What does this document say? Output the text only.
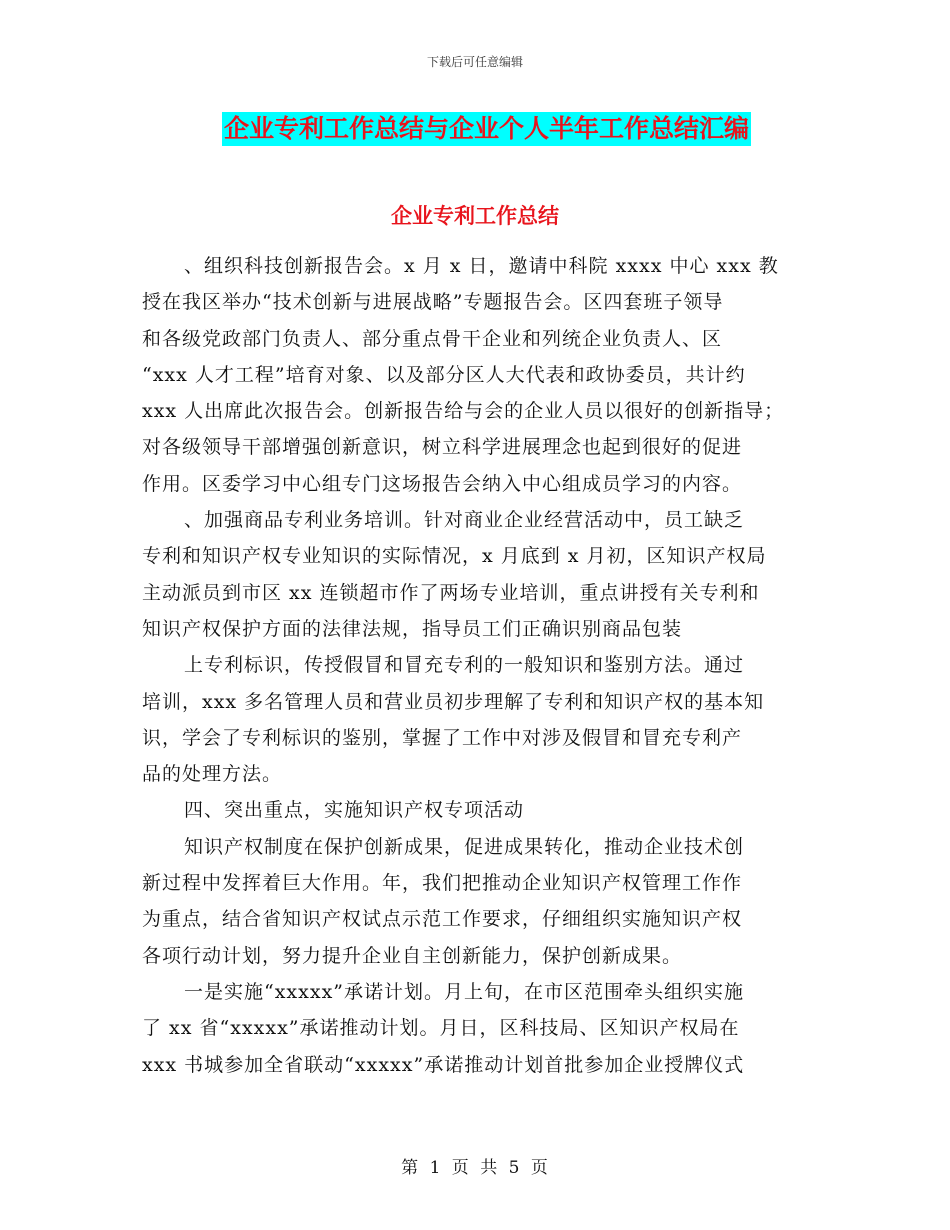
下载后可任意编辑
企业专利工作总结与企业个人半年工作总结汇编
企业专利工作总结
、组织科技创新报告会。x 月 x 日，邀请中科院 xxxx 中心 xxx 教
授在我区举办“技术创新与进展战略”专题报告会。区四套班子领导
和各级党政部门负责人、部分重点骨干企业和列统企业负责人、区
“xxx 人才工程”培育对象、以及部分区人大代表和政协委员，共计约
xxx 人出席此次报告会。创新报告给与会的企业人员以很好的创新指导；
对各级领导干部增强创新意识，树立科学进展理念也起到很好的促进
作用。区委学习中心组专门这场报告会纳入中心组成员学习的内容。
、加强商品专利业务培训。针对商业企业经营活动中，员工缺乏
专利和知识产权专业知识的实际情况，x 月底到 x 月初，区知识产权局
主动派员到市区 xx 连锁超市作了两场专业培训，重点讲授有关专利和
知识产权保护方面的法律法规，指导员工们正确识别商品包装
上专利标识，传授假冒和冒充专利的一般知识和鉴别方法。通过
培训，xxx 多名管理人员和营业员初步理解了专利和知识产权的基本知
识，学会了专利标识的鉴别，掌握了工作中对涉及假冒和冒充专利产
品的处理方法。
四、突出重点，实施知识产权专项活动
知识产权制度在保护创新成果，促进成果转化，推动企业技术创
新过程中发挥着巨大作用。年，我们把推动企业知识产权管理工作作
为重点，结合省知识产权试点示范工作要求，仔细组织实施知识产权
各项行动计划，努力提升企业自主创新能力，保护创新成果。
一是实施“xxxxx”承诺计划。月上旬，在市区范围牵头组织实施
了 xx 省“xxxxx”承诺推动计划。月日，区科技局、区知识产权局在
xxx 书城参加全省联动“xxxxx”承诺推动计划首批参加企业授牌仪式
第 1 页 共 5 页
